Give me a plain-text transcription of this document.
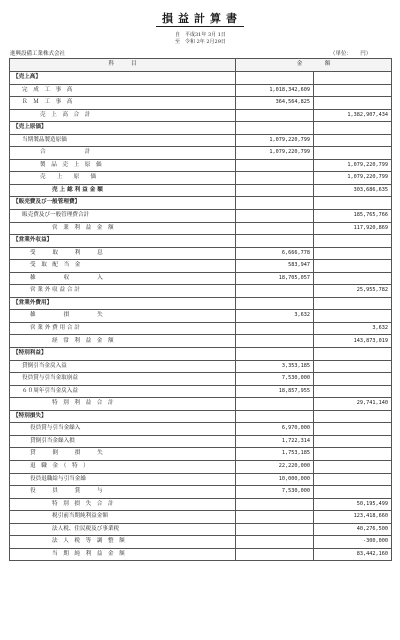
損益計算書
自　平成31年 3月 1日
至　令和 2年 2月29日
進興設備工業株式会社	（単位：　　円）
科　　　目	金　　　　額	
【売上高】		
完　成　工　事　高	1,018,342,609	
Ｒ　Ｍ　工　事　高	364,564,825	
売　上　高　合　計		1,382,907,434
【売上原価】		
当期製品製造原価	1,079,220,799	
合　　　　　　　計	1,079,220,799	
製　品　売　上　原　価		1,079,220,799
売　　上　　原　　価		1,079,220,799
売 上 総 利 益 金 額		303,686,635
【販売費及び一般管理費】		
販売費及び一般管理費合計		185,765,766
営　業　利　益　金　額		117,920,869
【営業外収益】		
受　　　取　　　利　　　息	6,666,778	
受　取　配　当　金	583,947	
雑　　　　　収　　　　　入	18,705,057	
営 業 外 収 益 合 計		25,955,782
【営業外費用】		
雑　　　　　損　　　　　失	3,632	
営 業 外 費 用 合 計		3,632
経　常　利　益　金　額		143,873,019
【特別利益】		
貸倒引当金戻入益	3,353,185	
役員賞与引当金取崩益	7,530,000	
６０周年引当金戻入益	18,857,955	
特　別　利　益　合　計		29,741,140
【特別損失】		
役員賞与引当金繰入	6,970,000	
貸倒引当金繰入損	1,722,314	
貸　　　倒　　　損　　　失	1,753,185	
退　職　金　（　特　）	22,220,000	
役員退職給与引当金繰	10,000,000	
役　　　員　　　賞　　　与	7,530,000	
特　別　損　失　合　計		50,195,499
税引前当期純利益金額		123,418,660
法人税、住民税及び事業税		40,276,500
法　人　税　等　調　整　額		-300,000
当　期　純　利　益　金　額		83,442,160
